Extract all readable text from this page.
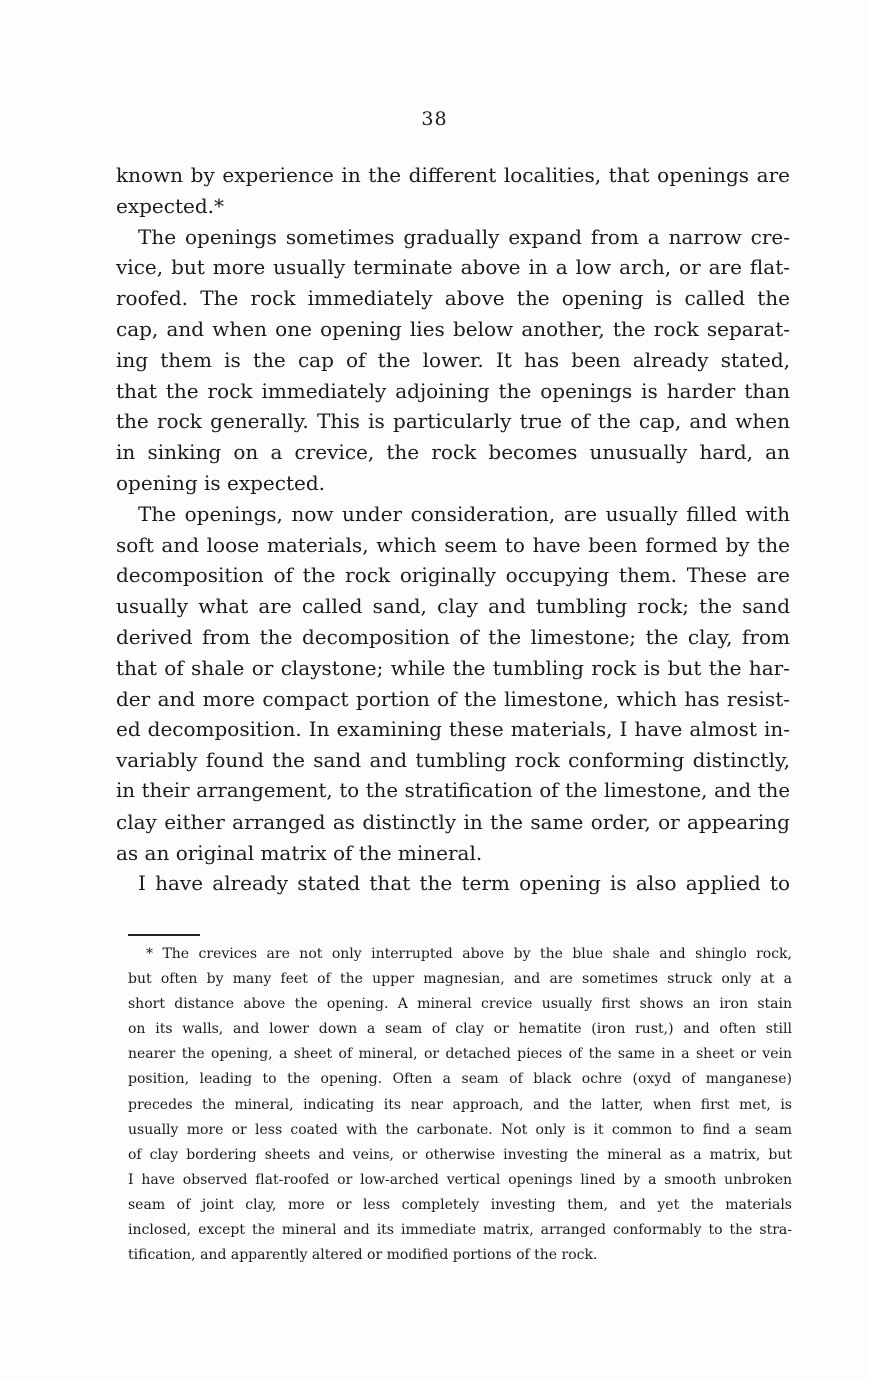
38
known by experience in the different localities, that openings are
expected.*
The openings sometimes gradually expand from a narrow cre-
vice, but more usually terminate above in a low arch, or are flat-
roofed. The rock immediately above the opening is called the
cap, and when one opening lies below another, the rock separat-
ing them is the cap of the lower. It has been already stated,
that the rock immediately adjoining the openings is harder than
the rock generally. This is particularly true of the cap, and when
in sinking on a crevice, the rock becomes unusually hard, an
opening is expected.
The openings, now under consideration, are usually filled with
soft and loose materials, which seem to have been formed by the
decomposition of the rock originally occupying them. These are
usually what are called sand, clay and tumbling rock; the sand
derived from the decomposition of the limestone; the clay, from
that of shale or claystone; while the tumbling rock is but the har-
der and more compact portion of the limestone, which has resist-
ed decomposition. In examining these materials, I have almost in-
variably found the sand and tumbling rock conforming distinctly,
in their arrangement, to the stratification of the limestone, and the
clay either arranged as distinctly in the same order, or appearing
as an original matrix of the mineral.
I have already stated that the term opening is also applied to
* The crevices are not only interrupted above by the blue shale and shinglo rock,
but often by many feet of the upper magnesian, and are sometimes struck only at a
short distance above the opening. A mineral crevice usually first shows an iron stain
on its walls, and lower down a seam of clay or hematite (iron rust,) and often still
nearer the opening, a sheet of mineral, or detached pieces of the same in a sheet or vein
position, leading to the opening. Often a seam of black ochre (oxyd of manganese)
precedes the mineral, indicating its near approach, and the latter, when first met, is
usually more or less coated with the carbonate. Not only is it common to find a seam
of clay bordering sheets and veins, or otherwise investing the mineral as a matrix, but
I have observed flat-roofed or low-arched vertical openings lined by a smooth unbroken
seam of joint clay, more or less completely investing them, and yet the materials
inclosed, except the mineral and its immediate matrix, arranged conformably to the stra-
tification, and apparently altered or modified portions of the rock.
